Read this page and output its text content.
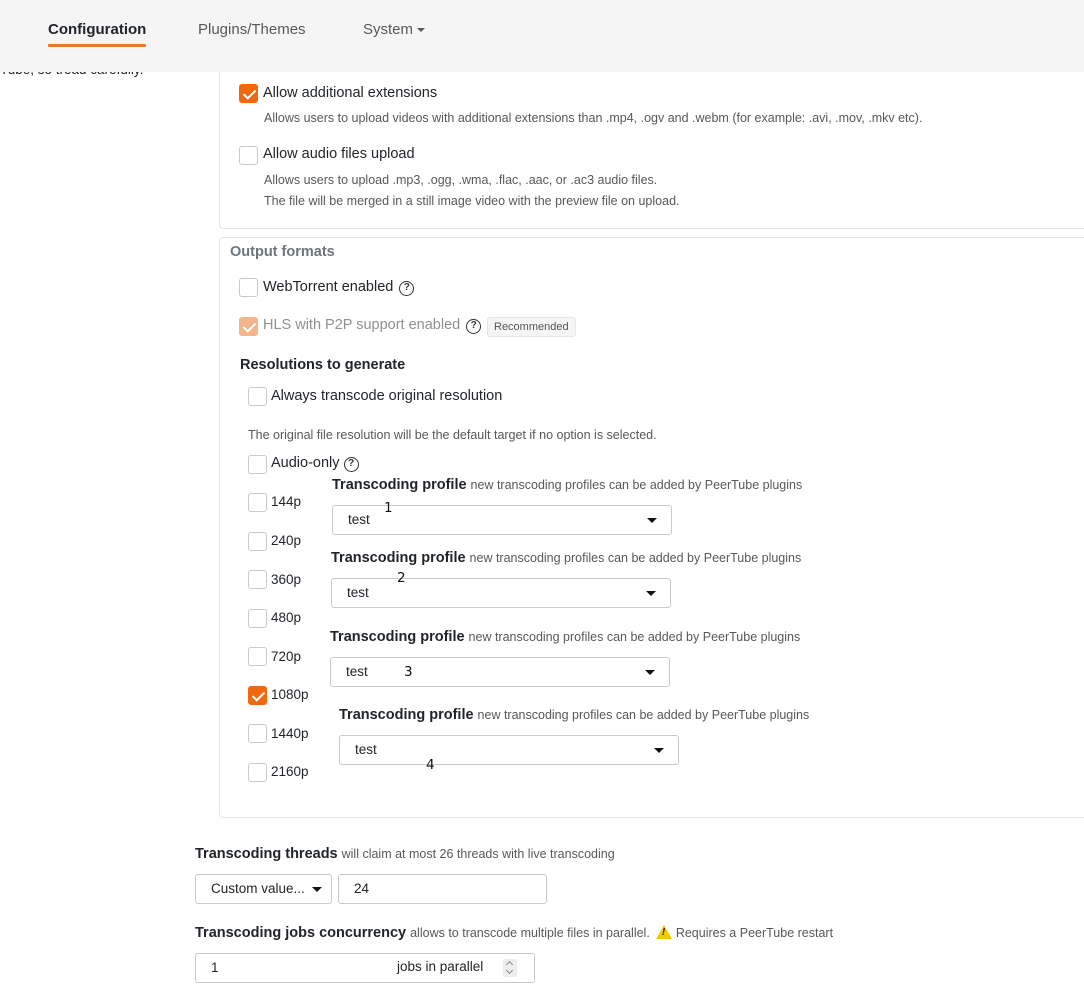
Configuration	Plugins/Themes	System
Allow additional extensions
Allows users to upload videos with additional extensions than .mp4, .ogv and .webm (for example: .avi, .mov, .mkv etc).
Allow audio files upload
Allows users to upload .mp3, .ogg, .wma, .flac, .aac, or .ac3 audio files.
The file will be merged in a still image video with the preview file on upload.
Output formats
WebTorrent enabled ?
HLS with P2P support enabled ?	Recommended
Resolutions to generate
Always transcode original resolution
The original file resolution will be the default target if no option is selected.
Audio-only ?
144p
240p
360p
480p
720p
1080p
1440p
2160p
Transcoding profile new transcoding profiles can be added by PeerTube plugins
test
1
Transcoding profile new transcoding profiles can be added by PeerTube plugins
test
2
Transcoding profile new transcoding profiles can be added by PeerTube plugins
test	3
Transcoding profile new transcoding profiles can be added by PeerTube plugins
test
4
Transcoding threads will claim at most 26 threads with live transcoding
Custom value...	24
Transcoding jobs concurrency allows to transcode multiple files in parallel. ! Requires a PeerTube restart
1	jobs in parallel
